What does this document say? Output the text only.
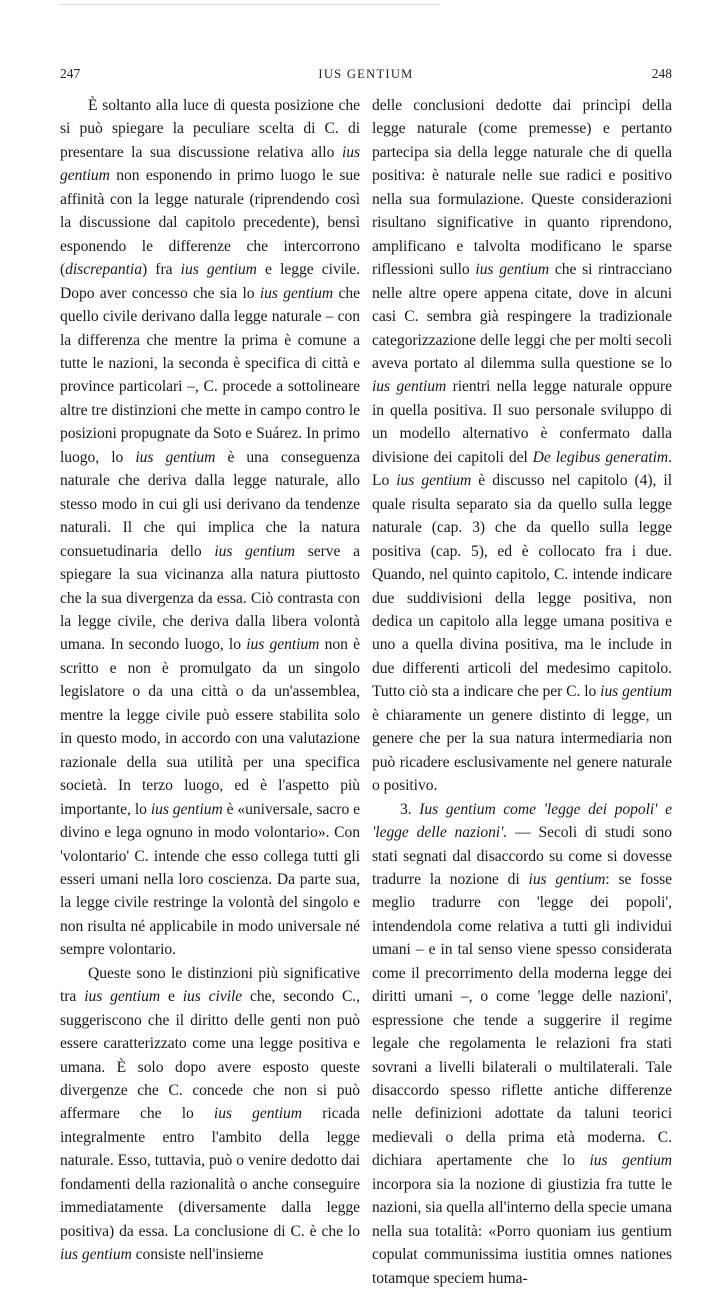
247	IUS GENTIUM	248

È soltanto alla luce di questa posizione che si può spiegare la peculiare scelta di C. di presentare la sua discussione relativa allo ius gentium non esponendo in primo luogo le sue affinità con la legge naturale (riprendendo così la discussione dal capitolo precedente), bensì esponendo le differenze che intercorrono (discrepantia) fra ius gentium e legge civile. Dopo aver concesso che sia lo ius gentium che quello civile derivano dalla legge naturale – con la differenza che mentre la prima è comune a tutte le nazioni, la seconda è specifica di città e province particolari –, C. procede a sottolineare altre tre distinzioni che mette in campo contro le posizioni propugnate da Soto e Suárez. In primo luogo, lo ius gentium è una conseguenza naturale che deriva dalla legge naturale, allo stesso modo in cui gli usi derivano da tendenze naturali. Il che qui implica che la natura consuetudinaria dello ius gentium serve a spiegare la sua vicinanza alla natura piuttosto che la sua divergenza da essa. Ciò contrasta con la legge civile, che deriva dalla libera volontà umana. In secondo luogo, lo ius gentium non è scritto e non è promulgato da un singolo legislatore o da una città o da un'assemblea, mentre la legge civile può essere stabilita solo in questo modo, in accordo con una valutazione razionale della sua utilità per una specifica società. In terzo luogo, ed è l'aspetto più importante, lo ius gentium è «universale, sacro e divino e lega ognuno in modo volontario». Con 'volontario' C. intende che esso collega tutti gli esseri umani nella loro coscienza. Da parte sua, la legge civile restringe la volontà del singolo e non risulta né applicabile in modo universale né sempre volontario.

Queste sono le distinzioni più significative tra ius gentium e ius civile che, secondo C., suggeriscono che il diritto delle genti non può essere caratterizzato come una legge positiva e umana. È solo dopo avere esposto queste divergenze che C. concede che non si può affermare che lo ius gentium ricada integralmente entro l'ambito della legge naturale. Esso, tuttavia, può o venire dedotto dai fondamenti della razionalità o anche conseguire immediatamente (diversamente dalla legge positiva) da essa. La conclusione di C. è che lo ius gentium consiste nell'insieme

delle conclusioni dedotte dai princìpi della legge naturale (come premesse) e pertanto partecipa sia della legge naturale che di quella positiva: è naturale nelle sue radici e positivo nella sua formulazione. Queste considerazioni risultano significative in quanto riprendono, amplificano e talvolta modificano le sparse riflessioni sullo ius gentium che si rintracciano nelle altre opere appena citate, dove in alcuni casi C. sembra già respingere la tradizionale categorizzazione delle leggi che per molti secoli aveva portato al dilemma sulla questione se lo ius gentium rientri nella legge naturale oppure in quella positiva. Il suo personale sviluppo di un modello alternativo è confermato dalla divisione dei capitoli del De legibus generatim. Lo ius gentium è discusso nel capitolo (4), il quale risulta separato sia da quello sulla legge naturale (cap. 3) che da quello sulla legge positiva (cap. 5), ed è collocato fra i due. Quando, nel quinto capitolo, C. intende indicare due suddivisioni della legge positiva, non dedica un capitolo alla legge umana positiva e uno a quella divina positiva, ma le include in due differenti articoli del medesimo capitolo. Tutto ciò sta a indicare che per C. lo ius gentium è chiaramente un genere distinto di legge, un genere che per la sua natura intermediaria non può ricadere esclusivamente nel genere naturale o positivo.

3. Ius gentium come 'legge dei popoli' e 'legge delle nazioni'. — Secoli di studi sono stati segnati dal disaccordo su come si dovesse tradurre la nozione di ius gentium: se fosse meglio tradurre con 'legge dei popoli', intendendola come relativa a tutti gli individui umani – e in tal senso viene spesso considerata come il precorrimento della moderna legge dei diritti umani –, o come 'legge delle nazioni', espressione che tende a suggerire il regime legale che regolamenta le relazioni fra stati sovrani a livelli bilaterali o multilaterali. Tale disaccordo spesso riflette antiche differenze nelle definizioni adottate da taluni teorici medievali o della prima età moderna. C. dichiara apertamente che lo ius gentium incorpora sia la nozione di giustizia fra tutte le nazioni, sia quella all'interno della specie umana nella sua totalità: «Porro quoniam ius gentium copulat communissima iustitia omnes nationes totamque speciem huma-
